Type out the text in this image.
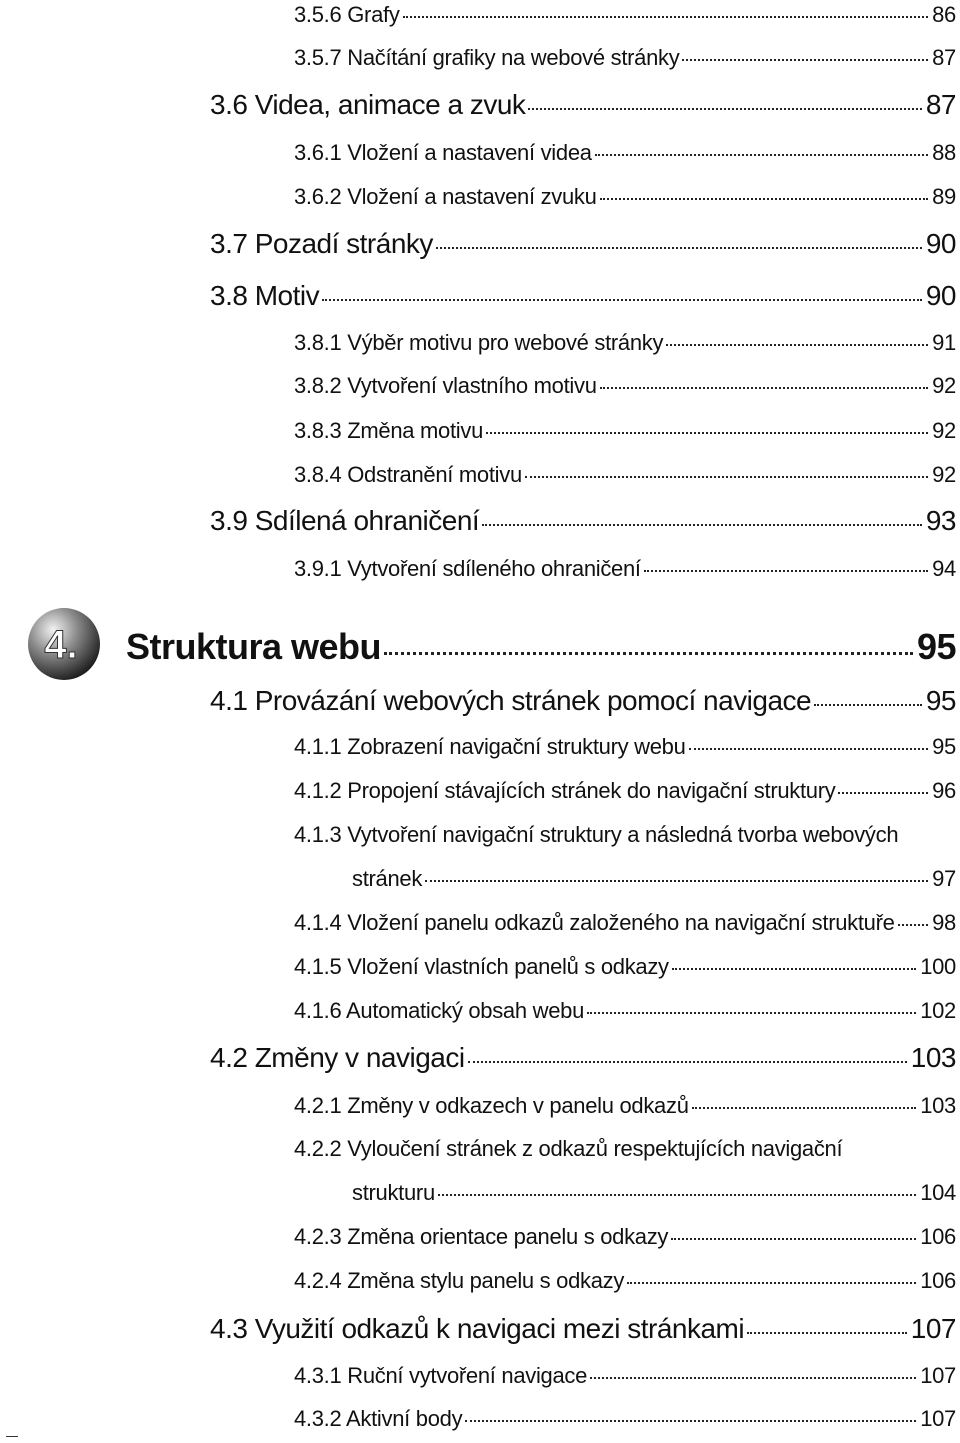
3.5.6 Grafy	86
3.5.7 Načítání grafiky na webové stránky	87
3.6 Videa, animace a zvuk	87
3.6.1 Vložení a nastavení videa	88
3.6.2 Vložení a nastavení zvuku	89
3.7 Pozadí stránky	90
3.8 Motiv	90
3.8.1 Výběr motivu pro webové stránky	91
3.8.2 Vytvoření vlastního motivu	92
3.8.3 Změna motivu	92
3.8.4 Odstranění motivu	92
3.9 Sdílená ohraničení	93
3.9.1 Vytvoření sdíleného ohraničení	94
4. Struktura webu	95
4.1 Provázání webových stránek pomocí navigace	95
4.1.1 Zobrazení navigační struktury webu	95
4.1.2 Propojení stávajících stránek do navigační struktury	96
4.1.3 Vytvoření navigační struktury a následná tvorba webových
stránek	97
4.1.4 Vložení panelu odkazů založeného na navigační struktuře 98
4.1.5 Vložení vlastních panelů s odkazy	100
4.1.6 Automatický obsah webu	102
4.2 Změny v navigaci	103
4.2.1 Změny v odkazech v panelu odkazů	103
4.2.2 Vyloučení stránek z odkazů respektujících navigační
strukturu	104
4.2.3 Změna orientace panelu s odkazy	106
4.2.4 Změna stylu panelu s odkazy	106
4.3 Využití odkazů k navigaci mezi stránkami	107
4.3.1 Ruční vytvoření navigace	107
4.3.2 Aktivní body	107
